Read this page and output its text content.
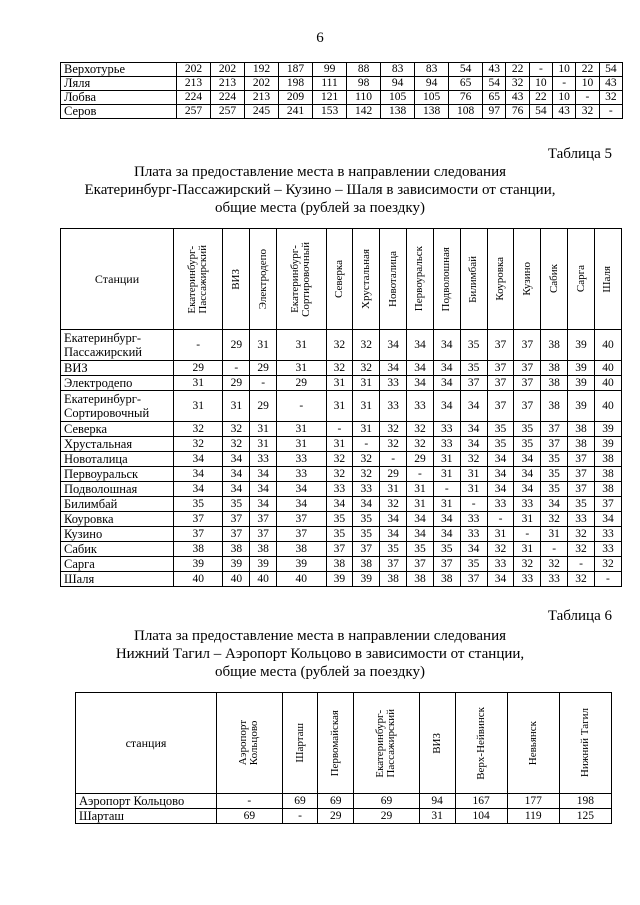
6
Верхотурье	202	202	192	187	99	88	83	83	54	43	22	-	10	22	54
Ляля	213	213	202	198	111	98	94	94	65	54	32	10	-	10	43
Лобва	224	224	213	209	121	110	105	105	76	65	43	22	10	-	32
Серов	257	257	245	241	153	142	138	138	108	97	76	54	43	32	-
Таблица 5
Плата за предоставление места в направлении следования
Екатеринбург-Пассажирский – Кузино – Шаля в зависимости от станции,
общие места (рублей за поездку)
Станции	Екатеринбург-
Пассажирский	ВИЗ	Электродепо	Екатеринбург-
Сортировочный	Северка	Хрустальная	Новоталица	Первоуральск	Подволошная	Билимбай	Коуровка	Кузино	Сабик	Сарга	Шаля

Екатеринбург-
Пассажирский	-	29	31	31	32	32	34	34	34	35	37	37	38	39	40
ВИЗ	29	-	29	31	32	32	34	34	34	35	37	37	38	39	40
Электродепо	31	29	-	29	31	31	33	34	34	37	37	37	38	39	40
Екатеринбург-
Сортировочный	31	31	29	-	31	31	33	33	34	34	37	37	38	39	40
Северка	32	32	31	31	-	31	32	32	33	34	35	35	37	38	39
Хрустальная	32	32	31	31	31	-	32	32	33	34	35	35	37	38	39
Новоталица	34	34	33	33	32	32	-	29	31	32	34	34	35	37	38
Первоуральск	34	34	34	33	32	32	29	-	31	31	34	34	35	37	38
Подволошная	34	34	34	34	33	33	31	31	-	31	34	34	35	37	38
Билимбай	35	35	34	34	34	34	32	31	31	-	33	33	34	35	37
Коуровка	37	37	37	37	35	35	34	34	34	33	-	31	32	33	34
Кузино	37	37	37	37	35	35	34	34	34	33	31	-	31	32	33
Сабик	38	38	38	38	37	37	35	35	35	34	32	31	-	32	33
Сарга	39	39	39	39	38	38	37	37	37	35	33	32	32	-	32
Шаля	40	40	40	40	39	39	38	38	38	37	34	33	33	32	-
Таблица 6
Плата за предоставление места в направлении следования
Нижний Тагил – Аэропорт Кольцово в зависимости от станции,
общие места (рублей за поездку)
станция	Аэропорт
Кольцово	Шарташ	Первомайская	Екатеринбург-
Пассажирский	ВИЗ	Верх-Нейвинск	Невьянск	Нижний Тагил

Аэропорт Кольцово	-	69	69	69	94	167	177	198
Шарташ	69	-	29	29	31	104	119	125
